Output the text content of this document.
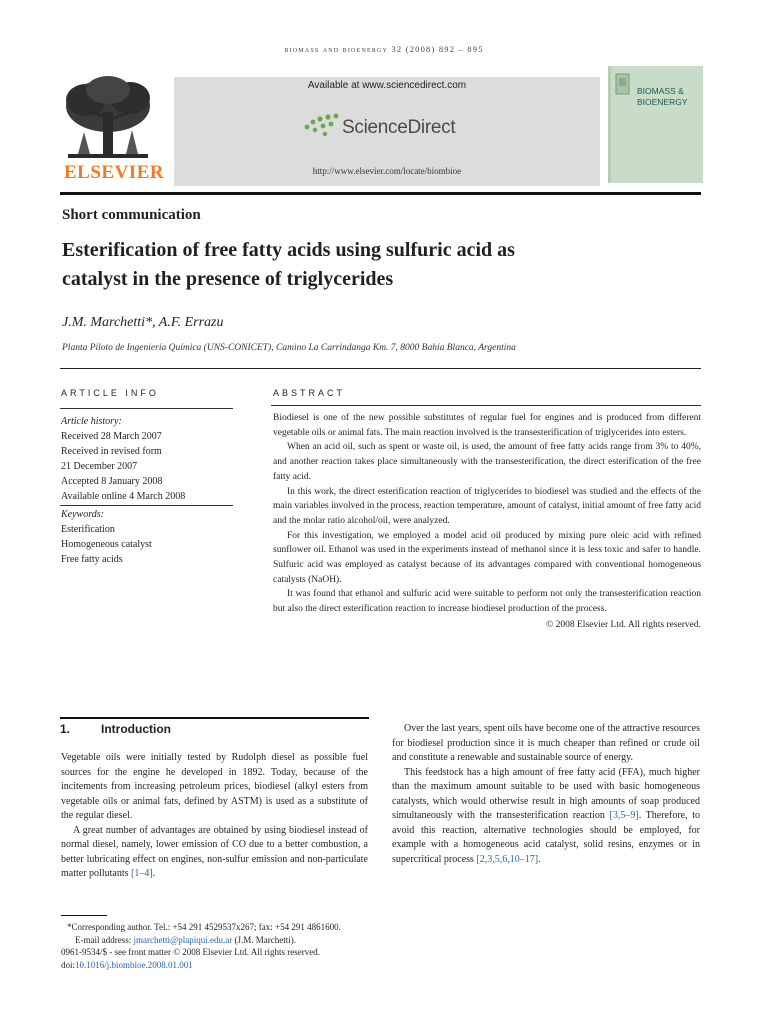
biomass and bioenergy 32 (2008) 892 – 895
ELSEVIER
Available at www.sciencedirect.com
ScienceDirect
http://www.elsevier.com/locate/biombioe
BIOMASS &
BIOENERGY
Short communication
Esterification of free fatty acids using sulfuric acid as
catalyst in the presence of triglycerides
J.M. Marchetti*, A.F. Errazu
Planta Piloto de Ingeniería Química (UNS-CONICET), Camino La Carrindanga Km. 7, 8000 Bahía Blanca, Argentina
ARTICLE INFO
Article history:
Received 28 March 2007
Received in revised form
21 December 2007
Accepted 8 January 2008
Available online 4 March 2008
Keywords:
Esterification
Homogeneous catalyst
Free fatty acids
ABSTRACT

Biodiesel is one of the new possible substitutes of regular fuel for engines and is produced from different vegetable oils or animal fats. The main reaction involved is the transesterification of triglycerides into esters.

When an acid oil, such as spent or waste oil, is used, the amount of free fatty acids range from 3% to 40%, and another reaction takes place simultaneously with the transesterification, the direct esterification of the free fatty acid.

In this work, the direct esterification reaction of triglycerides to biodiesel was studied and the effects of the main variables involved in the process, reaction temperature, amount of catalyst, initial amount of free fatty acid and the molar ratio alcohol/oil, were analyzed.

For this investigation, we employed a model acid oil produced by mixing pure oleic acid with refined sunflower oil. Ethanol was used in the experiments instead of methanol since it is less toxic and safer to handle. Sulfuric acid was employed as catalyst because of its advantages compared with conventional homogeneous catalysts (NaOH).

It was found that ethanol and sulfuric acid were suitable to perform not only the transesterification reaction but also the direct esterification reaction to increase biodiesel production of the process.

© 2008 Elsevier Ltd. All rights reserved.
1.	Introduction

Vegetable oils were initially tested by Rudolph diesel as possible fuel sources for the engine he developed in 1892. Today, because of the incitements from increasing petroleum prices, biodiesel (alkyl esters from vegetable oils or animal fats, defined by ASTM) is used as a substitute of the regular diesel.

A great number of advantages are obtained by using biodiesel instead of normal diesel, namely, lower emission of CO due to a better combustion, a better lubricating effect on engines, non-sulfur emission and non-particulate matter pollutants [1–4].

Over the last years, spent oils have become one of the attractive resources for biodiesel production since it is much cheaper than refined or crude oil and constitute a renewable and sustainable source of energy.

This feedstock has a high amount of free fatty acid (FFA), much higher than the maximum amount suitable to be used with basic homogeneous catalysts, which would otherwise result in high amounts of soap produced simultaneously with the transesterification reaction [3,5–9]. Therefore, to avoid this reaction, alternative technologies should be employed, for example with a homogeneous acid catalyst, solid resins, enzymes or in supercritical process [2,3,5,6,10–17].

*Corresponding author. Tel.: +54 291 4529537x267; fax: +54 291 4861600.
E-mail address: jmarchetti@plapiqui.edu.ar (J.M. Marchetti).
0961-9534/$ - see front matter © 2008 Elsevier Ltd. All rights reserved.
doi:10.1016/j.biombioe.2008.01.001
